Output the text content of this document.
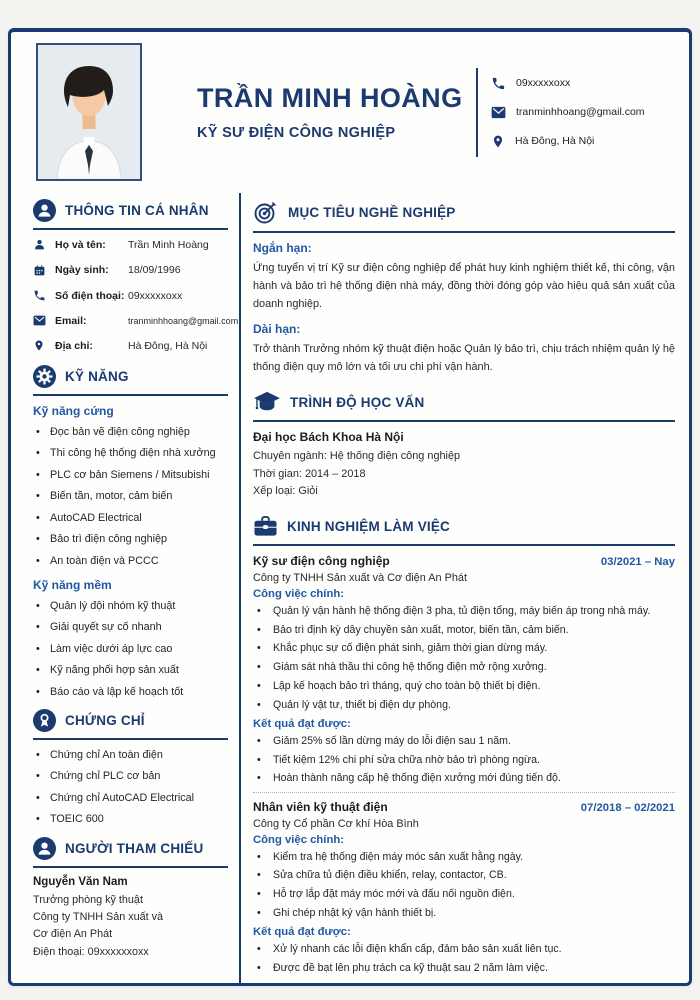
TRẦN MINH HOÀNG
KỸ SƯ ĐIỆN CÔNG NGHIỆP
09xxxxxoxx
tranminhhoang@gmail.com
Hà Đông, Hà Nội
THÔNG TIN CÁ NHÂN
Họ và tên:	Trần Minh Hoàng
Ngày sinh:	18/09/1996
Số điện thoại: 09xxxxxoxx
Email:	tranminhhoang@gmail.com
Địa chỉ:	Hà Đông, Hà Nội
KỸ NĂNG
Kỹ năng cứng
• Đọc bản vẽ điện công nghiệp
• Thi công hệ thống điện nhà xưởng
• PLC cơ bản Siemens / Mitsubishi
• Biến tần, motor, cảm biến
• AutoCAD Electrical
• Bảo trì điện công nghiệp
• An toàn điện và PCCC
Kỹ năng mềm
• Quản lý đội nhóm kỹ thuật
• Giải quyết sự cố nhanh
• Làm việc dưới áp lực cao
• Kỹ năng phối hợp sản xuất
• Báo cáo và lập kế hoạch tốt
CHỨNG CHỈ
• Chứng chỉ An toàn điện
• Chứng chỉ PLC cơ bản
• Chứng chỉ AutoCAD Electrical
• TOEIC 600
NGƯỜI THAM CHIẾU
Nguyễn Văn Nam
Trưởng phòng kỹ thuật
Công ty TNHH Sản xuất và
Cơ điện An Phát
Điện thoại: 09xxxxxxoxx
MỤC TIÊU NGHỀ NGHIỆP
Ngắn hạn:
Ứng tuyển vị trí Kỹ sư điện công nghiệp để phát huy kinh nghiệm thiết kế, thi công, vận hành và bảo trì hệ thống điện nhà máy, đồng thời đóng góp vào hiệu quả sản xuất của doanh nghiệp.
Dài hạn:
Trở thành Trưởng nhóm kỹ thuật điện hoặc Quản lý bảo trì, chịu trách nhiệm quản lý hệ thống điện quy mô lớn và tối ưu chi phí vận hành.
TRÌNH ĐỘ HỌC VẤN
Đại học Bách Khoa Hà Nội
Chuyên ngành: Hệ thống điện công nghiệp
Thời gian: 2014 – 2018
Xếp loại: Giỏi
KINH NGHIỆM LÀM VIỆC
Kỹ sư điện công nghiệp	03/2021 – Nay
Công ty TNHH Sản xuất và Cơ điện An Phát
Công việc chính:
•	Quản lý vận hành hệ thống điện 3 pha, tủ điện tổng, máy biến áp trong nhà máy.
•	Bảo trì định kỳ dây chuyền sản xuất, motor, biến tần, cảm biến.
•	Khắc phục sự cố điện phát sinh, giảm thời gian dừng máy.
•	Giám sát nhà thầu thi công hệ thống điện mở rộng xưởng.
•	Lập kế hoạch bảo trì tháng, quý cho toàn bộ thiết bị điện.
•	Quản lý vật tư, thiết bị điện dự phòng.
Kết quả đạt được:
•	Giảm 25% số lần dừng máy do lỗi điện sau 1 năm.
•	Tiết kiệm 12% chi phí sửa chữa nhờ bảo trì phòng ngừa.
•	Hoàn thành nâng cấp hệ thống điện xưởng mới đúng tiến độ.
Nhân viên kỹ thuật điện	07/2018 – 02/2021
Công ty Cổ phần Cơ khí Hòa Bình
Công việc chính:
•	Kiểm tra hệ thống điện máy móc sản xuất hằng ngày.
•	Sửa chữa tủ điện điều khiển, relay, contactor, CB.
•	Hỗ trợ lắp đặt máy móc mới và đấu nối nguồn điện.
•	Ghi chép nhật ký vận hành thiết bị.
Kết quả đạt được:
•	Xử lý nhanh các lỗi điện khẩn cấp, đảm bảo sản xuất liên tục.
•	Được đề bạt lên phụ trách ca kỹ thuật sau 2 năm làm việc.
